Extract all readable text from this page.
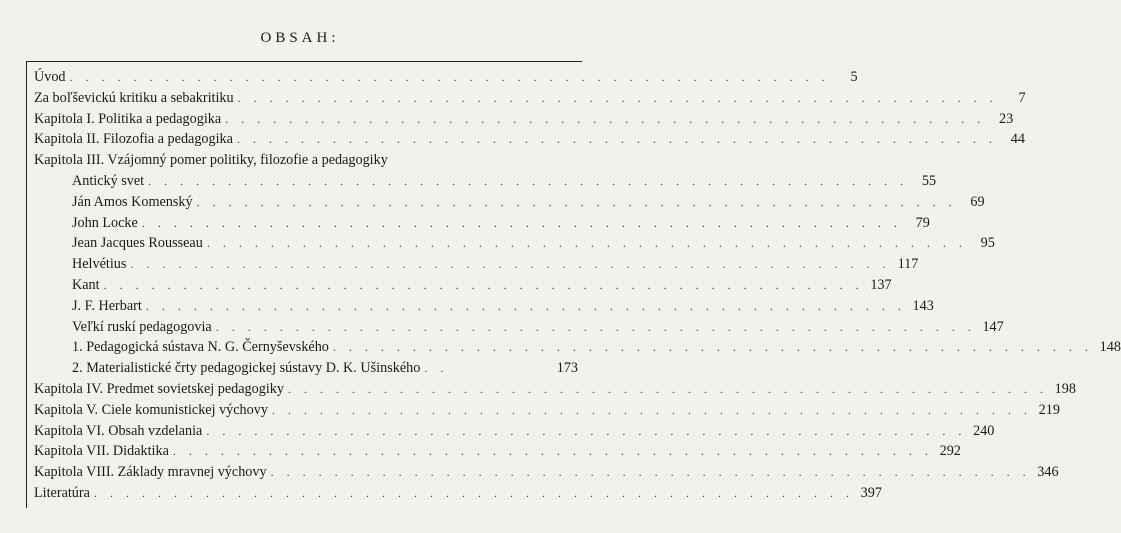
OBSAH:
Úvod . . . . . . . . . . . . . . . . . . . . . . . . . . . . . . . . . . . . . . . . . . . . . . . .	5
Za boľševickú kritiku a sebakritiku . . . . . . . . . . . . . . . . . . . . . . . . . . . . . . . . . . . . . . . . . . . . . . . .	7
Kapitola I. Politika a pedagogika . . . . . . . . . . . . . . . . . . . . . . . . . . . . . . . . . . . . . . . . . . . . . . . . 23
Kapitola II. Filozofia a pedagogika . . . . . . . . . . . . . . . . . . . . . . . . . . . . . . . . . . . . . . . . . . . . . . . . 44
Kapitola III. Vzájomný pomer politiky, filozofie a pedagogiky
Antický svet . . . . . . . . . . . . . . . . . . . . . . . . . . . . . . . . . . . . . . . . . . . . . . . . 55
Ján Amos Komenský . . . . . . . . . . . . . . . . . . . . . . . . . . . . . . . . . . . . . . . . . . . . . . . . 69
John Locke . . . . . . . . . . . . . . . . . . . . . . . . . . . . . . . . . . . . . . . . . . . . . . . . 79
Jean Jacques Rousseau . . . . . . . . . . . . . . . . . . . . . . . . . . . . . . . . . . . . . . . . . . . . . . . . 95
Helvétius . . . . . . . . . . . . . . . . . . . . . . . . . . . . . . . . . . . . . . . . . . . . . . . . 117
Kant . . . . . . . . . . . . . . . . . . . . . . . . . . . . . . . . . . . . . . . . . . . . . . . . 137
J. F. Herbart . . . . . . . . . . . . . . . . . . . . . . . . . . . . . . . . . . . . . . . . . . . . . . . . 143
Veľkí ruskí pedagogovia . . . . . . . . . . . . . . . . . . . . . . . . . . . . . . . . . . . . . . . . . . . . . . . . 147
1. Pedagogická sústava N. G. Černyševského . . . . . . . . . . . . . . . . . . . . . . . . . . . . . . . . . . . . . . . . . . . . . . . . 148
2. Materialistické črty pedagogickej sústavy D. K. Ušinského . .	173
Kapitola IV. Predmet sovietskej pedagogiky . . . . . . . . . . . . . . . . . . . . . . . . . . . . . . . . . . . . . . . . . . . . . . . . 198
Kapitola V. Ciele komunistickej výchovy . . . . . . . . . . . . . . . . . . . . . . . . . . . . . . . . . . . . . . . . . . . . . . . . 219
Kapitola VI. Obsah vzdelania . . . . . . . . . . . . . . . . . . . . . . . . . . . . . . . . . . . . . . . . . . . . . . . . 240
Kapitola VII. Didaktika . . . . . . . . . . . . . . . . . . . . . . . . . . . . . . . . . . . . . . . . . . . . . . . . 292
Kapitola VIII. Základy mravnej výchovy . . . . . . . . . . . . . . . . . . . . . . . . . . . . . . . . . . . . . . . . . . . . . . . . 346
Literatúra . . . . . . . . . . . . . . . . . . . . . . . . . . . . . . . . . . . . . . . . . . . . . . . . 397
